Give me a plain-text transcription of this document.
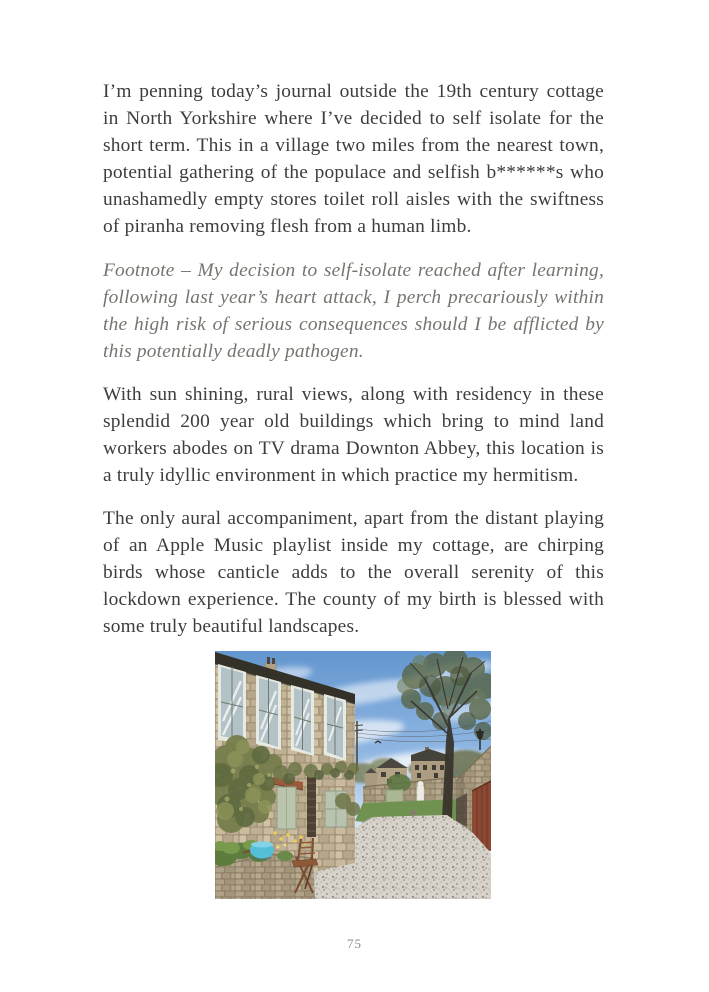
I’m penning today’s journal outside the 19th century cottage in North Yorkshire where I’ve decided to self isolate for the short term. This in a village two miles from the nearest town, potential gathering of the populace and selfish b******s who unashamedly empty stores toilet roll aisles with the swiftness of piranha removing flesh from a human limb.

Footnote – My decision to self-isolate reached after learning, following last year’s heart attack, I perch precariously within the high risk of serious consequences should I be afflicted by this potentially deadly pathogen.

With sun shining, rural views, along with residency in these splendid 200 year old buildings which bring to mind land workers abodes on TV drama Downton Abbey, this location is a truly idyllic environment in which practice my hermitism.

The only aural accompaniment, apart from the distant playing of an Apple Music playlist inside my cottage, are chirping birds whose canticle adds to the overall serenity of this lockdown experience. The county of my birth is blessed with some truly beautiful landscapes.

75
